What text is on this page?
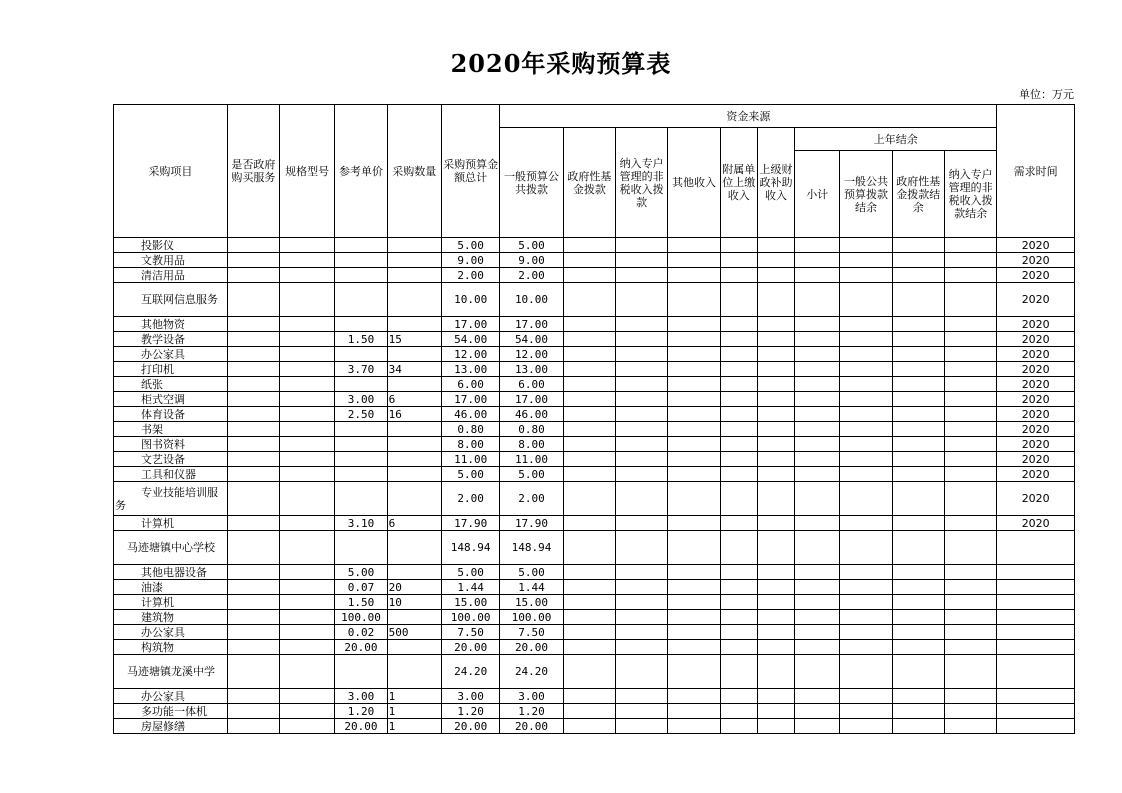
2020年采购预算表
单位：万元
采购项目	是否政府购买服务	规格型号	参考单价	采购数量	采购预算金额总计	资金来源										需求时间
						一般预算公共拨款	政府性基金拨款	纳入专户管理的非税收入拨款	其他收入	附属单位上缴收入	上级财政补助收入	上年结余				
												小计	一般公共预算拨款结余	政府性基金拨款结余	纳入专户管理的非税收入拨款结余	
投影仪					5.00	5.00										2020
文教用品					9.00	9.00										2020
清洁用品					2.00	2.00										2020
互联网信息服务					10.00	10.00										2020
其他物资					17.00	17.00										2020
教学设备			1.50	15	54.00	54.00										2020
办公家具					12.00	12.00										2020
打印机			3.70	34	13.00	13.00										2020
纸张					6.00	6.00										2020
柜式空调			3.00	6	17.00	17.00										2020
体育设备			2.50	16	46.00	46.00										2020
书架					0.80	0.80										2020
图书资料					8.00	8.00										2020
文艺设备					11.00	11.00										2020
工具和仪器					5.00	5.00										2020
专业技能培训服务					2.00	2.00										2020
计算机			3.10	6	17.90	17.90										2020
马迹塘镇中心学校					148.94	148.94										
其他电器设备			5.00		5.00	5.00										
油漆			0.07	20	1.44	1.44										
计算机			1.50	10	15.00	15.00										
建筑物			100.00		100.00	100.00										
办公家具			0.02	500	7.50	7.50										
构筑物			20.00		20.00	20.00										
马迹塘镇龙溪中学					24.20	24.20										
办公家具			3.00	1	3.00	3.00										
多功能一体机			1.20	1	1.20	1.20										
房屋修缮			20.00	1	20.00	20.00										
